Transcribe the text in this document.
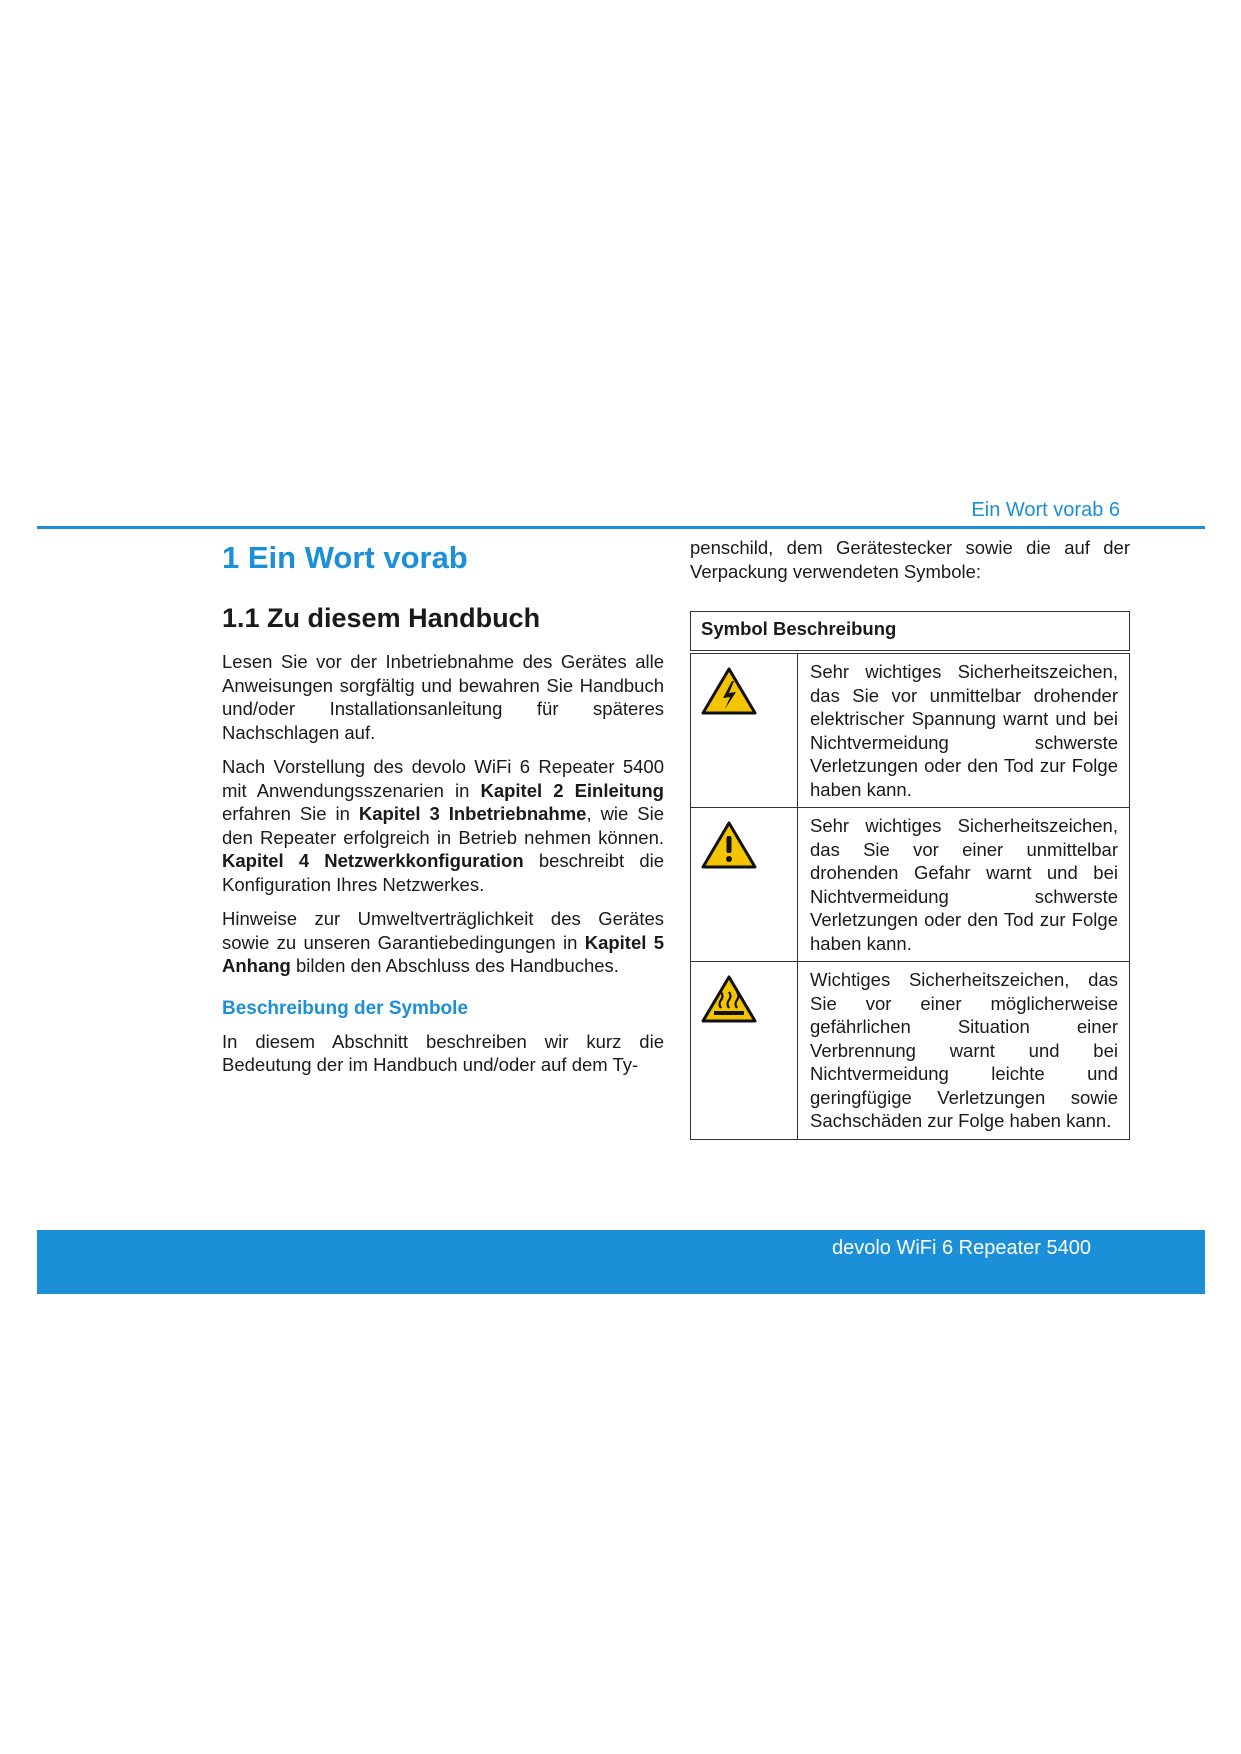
Ein Wort vorab 6
1 Ein Wort vorab
1.1 Zu diesem Handbuch

Lesen Sie vor der Inbetriebnahme des Gerätes alle Anweisungen sorgfältig und bewahren Sie Handbuch und/oder Installationsanleitung für späteres Nachschlagen auf.

Nach Vorstellung des devolo WiFi 6 Repeater 5400 mit Anwendungsszenarien in Kapitel 2 Einleitung erfahren Sie in Kapitel 3 Inbetriebnahme, wie Sie den Repeater erfolgreich in Betrieb nehmen können. Kapitel 4 Netzwerkkonfiguration beschreibt die Konfiguration Ihres Netzwerkes.

Hinweise zur Umweltverträglichkeit des Gerätes sowie zu unseren Garantiebedingungen in Kapitel 5 Anhang bilden den Abschluss des Handbuches.

Beschreibung der Symbole

In diesem Abschnitt beschreiben wir kurz die Bedeutung der im Handbuch und/oder auf dem Ty-

penschild, dem Gerätestecker sowie die auf der Verpackung verwendeten Symbole:

Symbol Beschreibung	
	Sehr wichtiges Sicherheitszeichen, das Sie vor unmittelbar drohender elektrischer Spannung warnt und bei Nichtvermeidung schwerste Verletzungen oder den Tod zur Folge haben kann.
	Sehr wichtiges Sicherheitszeichen, das Sie vor einer unmittelbar drohenden Gefahr warnt und bei Nichtvermeidung schwerste Verletzungen oder den Tod zur Folge haben kann.
	Wichtiges Sicherheitszeichen, das Sie vor einer möglicherweise gefährlichen Situation einer Verbrennung warnt und bei Nichtvermeidung leichte und geringfügige Verletzungen sowie Sachschäden zur Folge haben kann.
devolo WiFi 6 Repeater 5400
